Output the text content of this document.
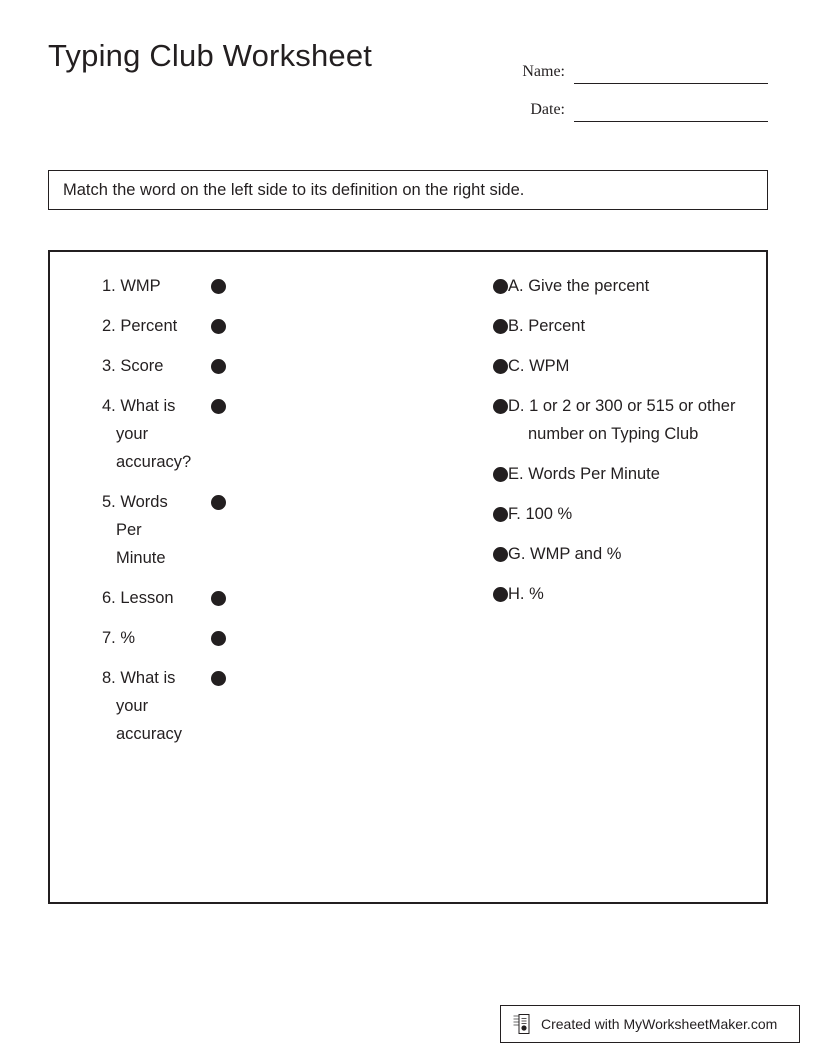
Typing Club Worksheet	Name:
Date:
Match the word on the left side to its definition on the right side.
1. WMP
2. Percent
3. Score
4. What is your accuracy?
5. Words Per Minute
6. Lesson
7. %
8. What is your accuracy
A. Give the percent
B. Percent
C. WPM
D. 1 or 2 or 300 or 515 or other number on Typing Club
E. Words Per Minute
F. 100 %
G. WMP and %
H. %
Created with MyWorksheetMaker.com
